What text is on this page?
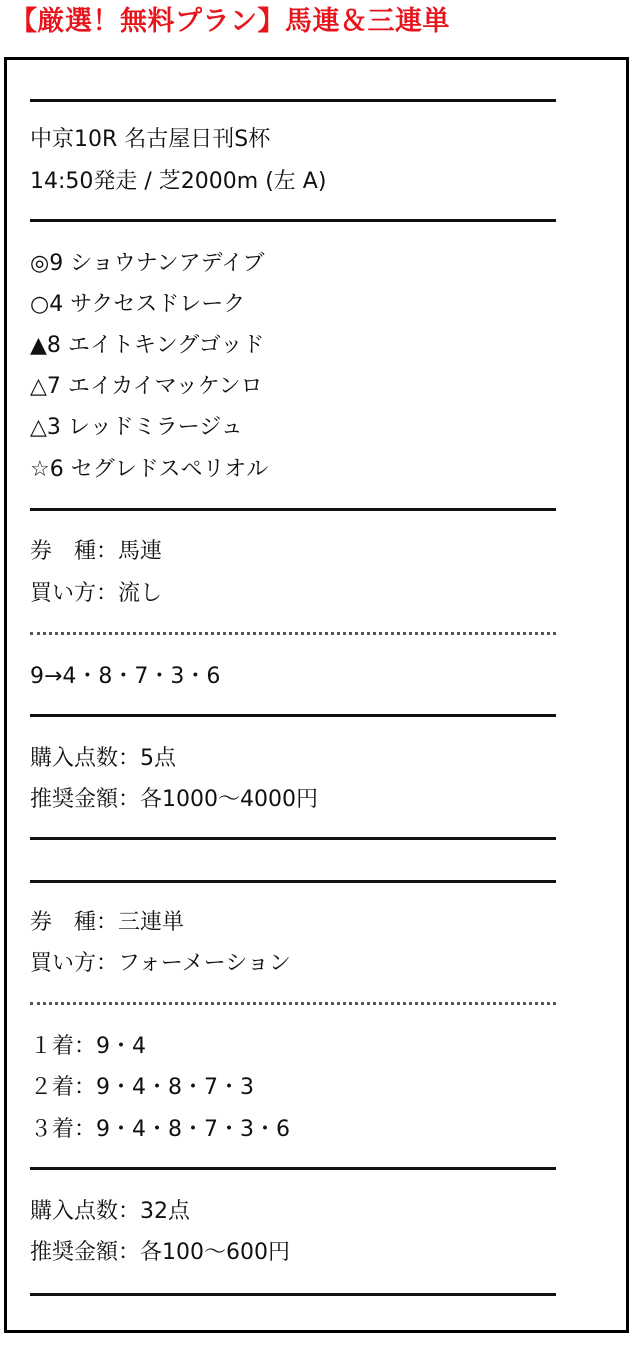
【厳選！無料プラン】馬連＆三連単
中京10R 名古屋日刊S杯
14:50発走 / 芝2000m (左 A)
◎9 ショウナンアデイブ
○4 サクセスドレーク
▲8 エイトキングゴッド
△7 エイカイマッケンロ
△3 レッドミラージュ
☆6 セグレドスペリオル
券　種：馬連
買い方：流し
9→4・8・7・3・6
購入点数：5点
推奨金額：各1000〜4000円
券　種：三連単
買い方：フォーメーション
１着：9・4
２着：9・4・8・7・3
３着：9・4・8・7・3・6
購入点数：32点
推奨金額：各100〜600円
